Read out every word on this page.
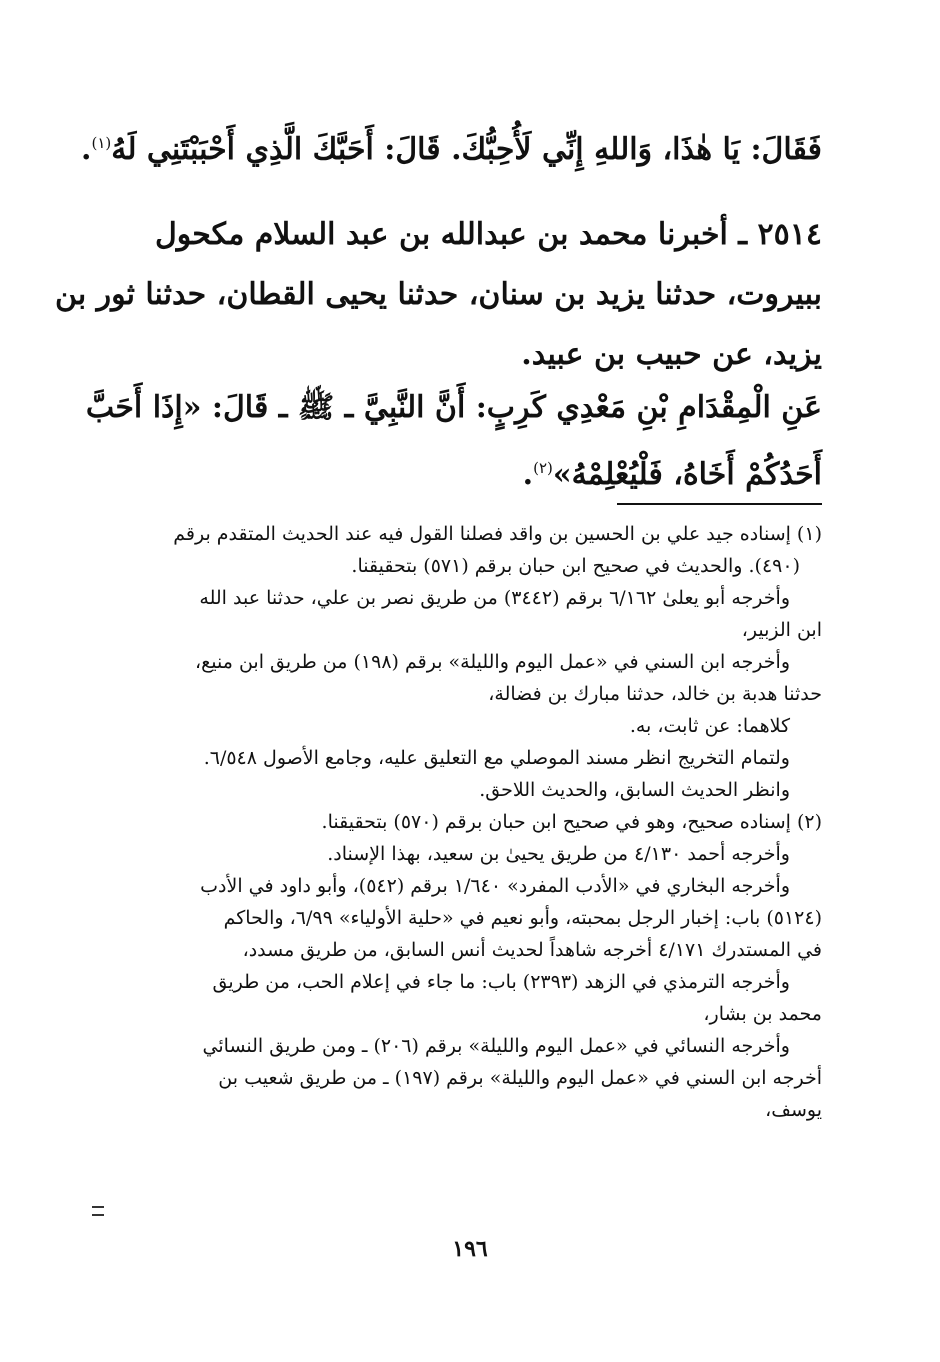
فَقَالَ: يَا هٰذَا، وَاللهِ إِنِّي لَأُحِبُّكَ. قَالَ: أَحَبَّكَ الَّذِي أَحْبَبْتَنِي لَهُ$^{(١)}$.

٢٥١٤ ـ أخبرنا محمد بن عبدالله بن عبد السلام مكحول
ببيروت، حدثنا يزيد بن سنان، حدثنا يحيى القطان، حدثنا ثور بن
يزيد، عن حبيب بن عبيد.

عَنِ الْمِقْدَامِ بْنِ مَعْدِي كَرِبٍ: أَنَّ النَّبِيَّ ـ ﷺ ـ قَالَ: «إِذَا أَحَبَّ
أَحَدُكُمْ أَخَاهُ، فَلْيُعْلِمْهُ»$^{(٢)}$.

(١) إسناده جيد علي بن الحسين بن واقد فصلنا القول فيه عند الحديث المتقدم برقم
(٤٩٠). والحديث في صحيح ابن حبان برقم (٥٧١) بتحقيقنا.
وأخرجه أبو يعلىٰ ٦/١٦٢ برقم (٣٤٤٢) من طريق نصر بن علي، حدثنا عبد الله
ابن الزبير،
وأخرجه ابن السني في «عمل اليوم والليلة» برقم (١٩٨) من طريق ابن منيع،
حدثنا هدبة بن خالد، حدثنا مبارك بن فضالة،
كلاهما: عن ثابت، به.
ولتمام التخريج انظر مسند الموصلي مع التعليق عليه، وجامع الأصول ٦/٥٤٨.
وانظر الحديث السابق، والحديث اللاحق.
(٢) إسناده صحيح، وهو في صحيح ابن حبان برقم (٥٧٠) بتحقيقنا.
وأخرجه أحمد ٤/١٣٠ من طريق يحيىٰ بن سعيد، بهذا الإسناد.
وأخرجه البخاري في «الأدب المفرد» ١/٦٤٠ برقم (٥٤٢)، وأبو داود في الأدب
(٥١٢٤) باب: إخبار الرجل بمحبته، وأبو نعيم في «حلية الأولياء» ٦/٩٩، والحاكم
في المستدرك ٤/١٧١ أخرجه شاهداً لحديث أنس السابق، من طريق مسدد،
وأخرجه الترمذي في الزهد (٢٣٩٣) باب: ما جاء في إعلام الحب، من طريق
محمد بن بشار،
وأخرجه النسائي في «عمل اليوم والليلة» برقم (٢٠٦) ـ ومن طريق النسائي
أخرجه ابن السني في «عمل اليوم والليلة» برقم (١٩٧) ـ من طريق شعيب بن
يوسف،
١٩٦
